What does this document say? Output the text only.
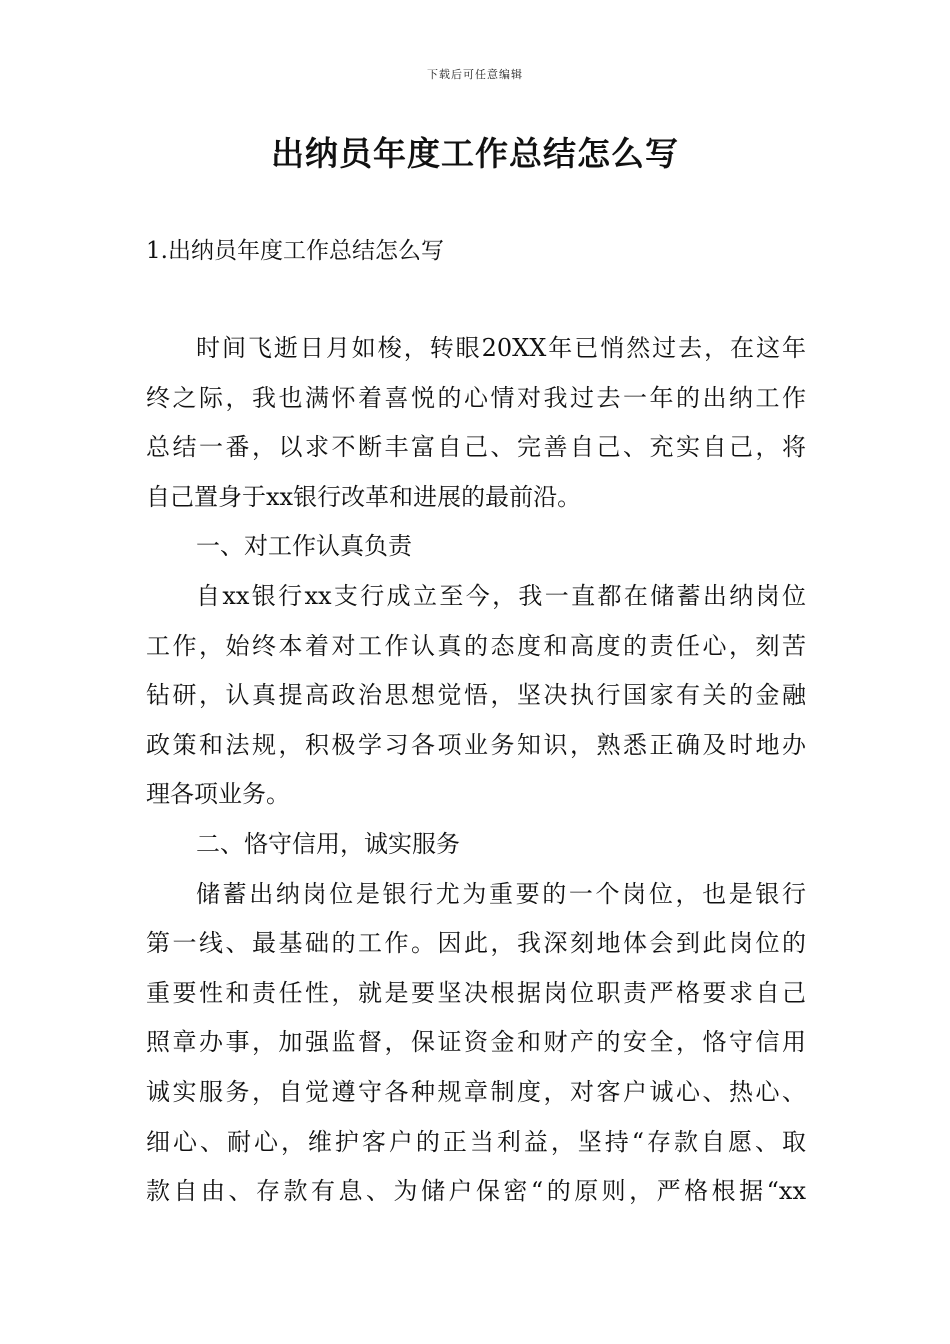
下载后可任意编辑
出纳员年度工作总结怎么写
1.出纳员年度工作总结怎么写
时间飞逝日月如梭，转眼20XX年已悄然过去，在这年
终之际，我也满怀着喜悦的心情对我过去一年的出纳工作
总结一番，以求不断丰富自己、完善自己、充实自己，将
自己置身于xx银行改革和进展的最前沿。
一、对工作认真负责
自xx银行xx支行成立至今，我一直都在储蓄出纳岗位
工作，始终本着对工作认真的态度和高度的责任心，刻苦
钻研，认真提高政治思想觉悟，坚决执行国家有关的金融
政策和法规，积极学习各项业务知识，熟悉正确及时地办
理各项业务。
二、恪守信用，诚实服务
储蓄出纳岗位是银行尤为重要的一个岗位，也是银行
第一线、最基础的工作。因此，我深刻地体会到此岗位的
重要性和责任性，就是要坚决根据岗位职责严格要求自己
照章办事，加强监督，保证资金和财产的安全，恪守信用
诚实服务，自觉遵守各种规章制度，对客户诚心、热心、
细心、耐心，维护客户的正当利益，坚持“存款自愿、取
款自由、存款有息、为储户保密“的原则，严格根据“xx
